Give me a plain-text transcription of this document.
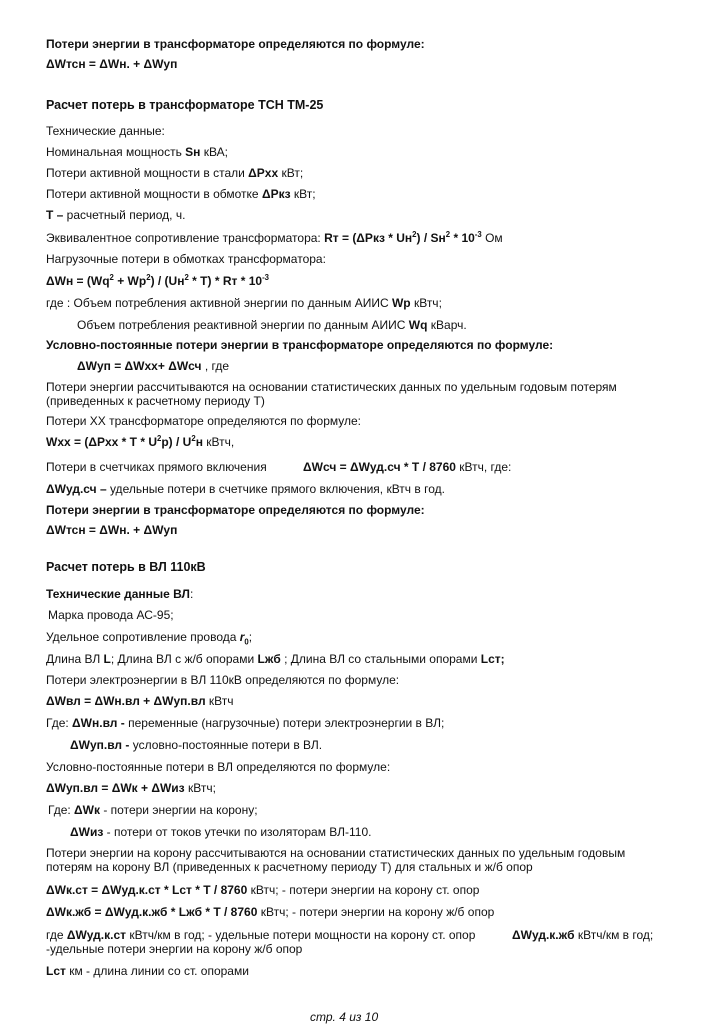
Потери энергии в трансформаторе определяются по формуле:
ΔWтсн = ΔWн. + ΔWуп
Расчет потерь в трансформаторе ТСН ТМ-25
Технические данные:
Номинальная мощность Sн кВА;
Потери активной мощности в стали ΔРхх кВт;
Потери активной мощности в обмотке ΔРкз кВт;
Т – расчетный период, ч.
Эквивалентное сопротивление трансформатора: Rт = $(\Delta Ркз * Uн^2) / Sн^2 * 10^{-3}$ Ом
Нагрузочные потери в обмотках трансформатора:
$\Delta Wн = (Wq^2 + Wp^2) / (Uн^2 * Т)$ * Rт * $10^{-3}$
где : Объем потребления активной энергии по данным АИИС Wp кВтч;
Объем потребления реактивной энергии по данным АИИС Wq кВарч.
Условно-постоянные потери энергии в трансформаторе определяются по формуле:
ΔWуп = ΔWхх+ ΔWсч , где
Потери энергии рассчитываются на основании статистических данных по удельным годовым потерям (приведенных к расчетному периоду Т)
Потери ХХ трансформаторе определяются по формуле:
Wхх = (ΔРхх * Т * $U^2р) / U^2н$ кВтч,
Потери в счетчиках прямого включения	ΔWсч = ΔWуд.сч * Т / 8760 кВтч, где:
ΔWуд.сч – удельные потери в счетчике прямого включения, кВтч в год.
Потери энергии в трансформаторе определяются по формуле:
ΔWтсн = ΔWн. + ΔWуп
Расчет потерь в ВЛ 110кВ
Технические данные ВЛ:
Марка провода АС-95;
Удельное сопротивление провода $r_0$;
Длина ВЛ L; Длина ВЛ с ж/б опорами Lжб ; Длина ВЛ со стальными опорами Lст;
Потери электроэнергии в ВЛ 110кВ определяются по формуле:
ΔWвл = ΔWн.вл + ΔWуп.вл кВтч
Где: ΔWн.вл - переменные (нагрузочные) потери электроэнергии в ВЛ;
ΔWуп.вл - условно-постоянные потери в ВЛ.
Условно-постоянные потери в ВЛ определяются по формуле:
ΔWуп.вл = ΔWк + ΔWиз кВтч;
Где: ΔWк - потери энергии на корону;
ΔWиз - потери от токов утечки по изоляторам ВЛ-110.
Потери энергии на корону рассчитываются на основании статистических данных по удельным годовым потерям на корону ВЛ (приведенных к расчетному периоду Т) для стальных и ж/б опор
ΔWк.ст = ΔWуд.к.ст * Lст * Т / 8760 кВтч; - потери энергии на корону ст. опор
ΔWк.жб = ΔWуд.к.жб * Lжб * Т / 8760 кВтч; - потери энергии на корону ж/б опор
где ΔWуд.к.ст кВтч/км в год; - удельные потери мощности на корону ст. опор	ΔWуд.к.жб кВтч/км в год;
-удельные потери энергии на корону ж/б опор
Lст км - длина линии со ст. опорами
стр. 4 из 10
